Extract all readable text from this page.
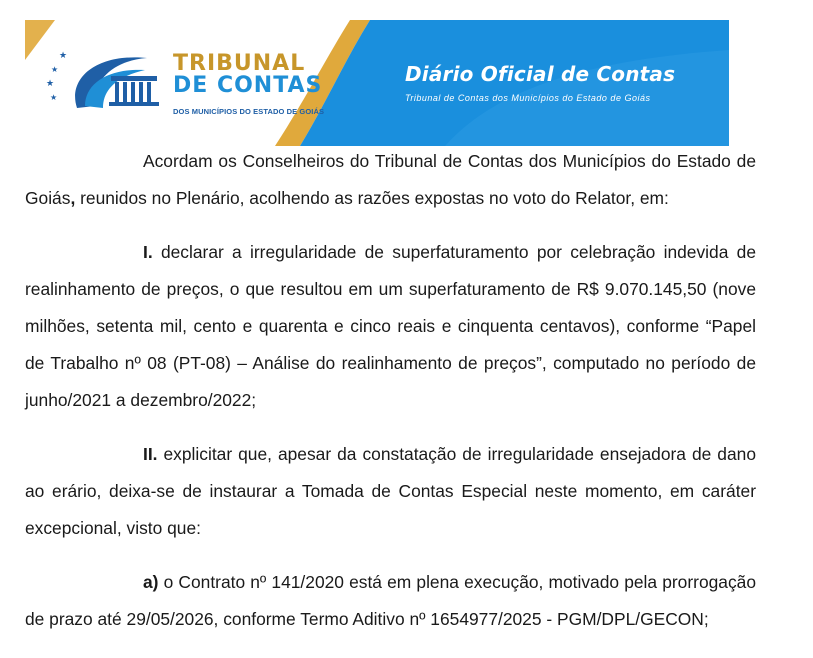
★
★
★
★
TRIBUNAL
DE CONTAS
DOS MUNICÍPIOS DO ESTADO DE GOIÁS
Diário Oficial de Contas
Tribunal de Contas dos Municípios do Estado de Goiás

Acordam os Conselheiros do Tribunal de Contas dos Municípios do Estado de Goiás, reunidos no Plenário, acolhendo as razões expostas no voto do Relator, em:

I. declarar a irregularidade de superfaturamento por celebração indevida de realinhamento de preços, o que resultou em um superfaturamento de R$ 9.070.145,50 (nove milhões, setenta mil, cento e quarenta e cinco reais e cinquenta centavos), conforme “Papel de Trabalho nº 08 (PT-08) – Análise do realinhamento de preços”, computado no período de junho/2021 a dezembro/2022;

II. explicitar que, apesar da constatação de irregularidade ensejadora de dano ao erário, deixa-se de instaurar a Tomada de Contas Especial neste momento, em caráter excepcional, visto que:

a) o Contrato nº 141/2020 está em plena execução, motivado pela prorrogação de prazo até 29/05/2026, conforme Termo Aditivo nº 1654977/2025 - PGM/DPL/GECON;
